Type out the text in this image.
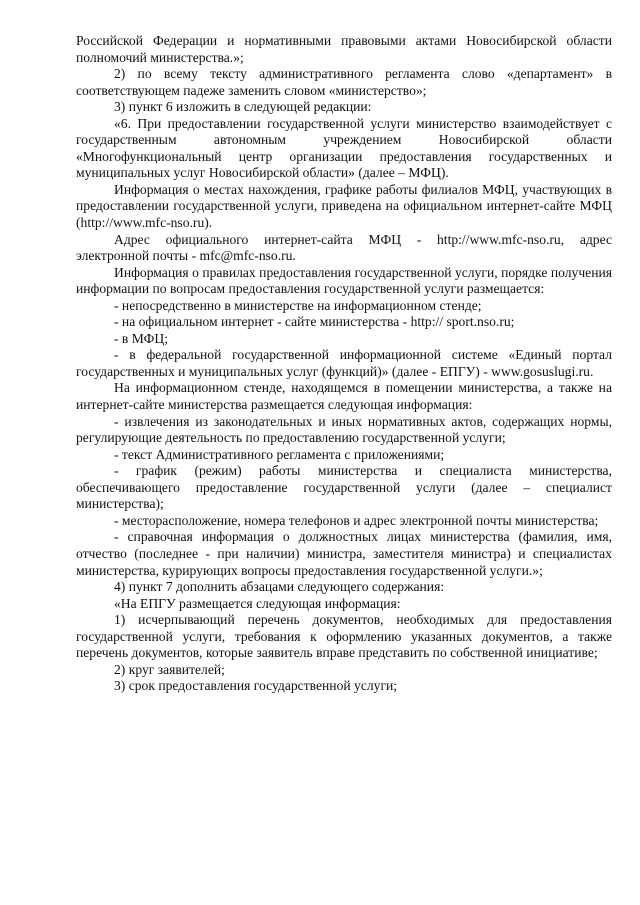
Российской Федерации и нормативными правовыми актами Новосибирской области полномочий министерства.»;

2) по всему тексту административного регламента слово «департамент» в соответствующем падеже заменить словом «министерство»;

3) пункт 6 изложить в следующей редакции:

«6. При предоставлении государственной услуги министерство взаимодействует с государственным автономным учреждением Новосибирской области «Многофункциональный центр организации предоставления государственных и муниципальных услуг Новосибирской области» (далее – МФЦ).

Информация о местах нахождения, графике работы филиалов МФЦ, участвующих в предоставлении государственной услуги, приведена на официальном интернет-сайте МФЦ (http://www.mfc-nso.ru).

Адрес официального интернет-сайта МФЦ - http://www.mfc-nso.ru, адрес электронной почты - mfc@mfc-nso.ru.

Информация о правилах предоставления государственной услуги, порядке получения информации по вопросам предоставления государственной услуги размещается:

- непосредственно в министерстве на информационном стенде;

- на официальном интернет - сайте министерства - http:// sport.nso.ru;

- в МФЦ;

- в федеральной государственной информационной системе «Единый портал государственных и муниципальных услуг (функций)» (далее - ЕПГУ) - www.gosuslugi.ru.

На информационном стенде, находящемся в помещении министерства, а также на интернет-сайте министерства размещается следующая информация:

- извлечения из законодательных и иных нормативных актов, содержащих нормы, регулирующие деятельность по предоставлению государственной услуги;

- текст Административного регламента с приложениями;

- график (режим) работы министерства и специалиста министерства, обеспечивающего предоставление государственной услуги (далее – специалист министерства);

- месторасположение, номера телефонов и адрес электронной почты министерства;

- справочная информация о должностных лицах министерства (фамилия, имя, отчество (последнее - при наличии) министра, заместителя министра) и специалистах министерства, курирующих вопросы предоставления государственной услуги.»;

4) пункт 7 дополнить абзацами следующего содержания:

«На ЕПГУ размещается следующая информация:

1) исчерпывающий перечень документов, необходимых для предоставления государственной услуги, требования к оформлению указанных документов, а также перечень документов, которые заявитель вправе представить по собственной инициативе;

2) круг заявителей;

3) срок предоставления государственной услуги;
